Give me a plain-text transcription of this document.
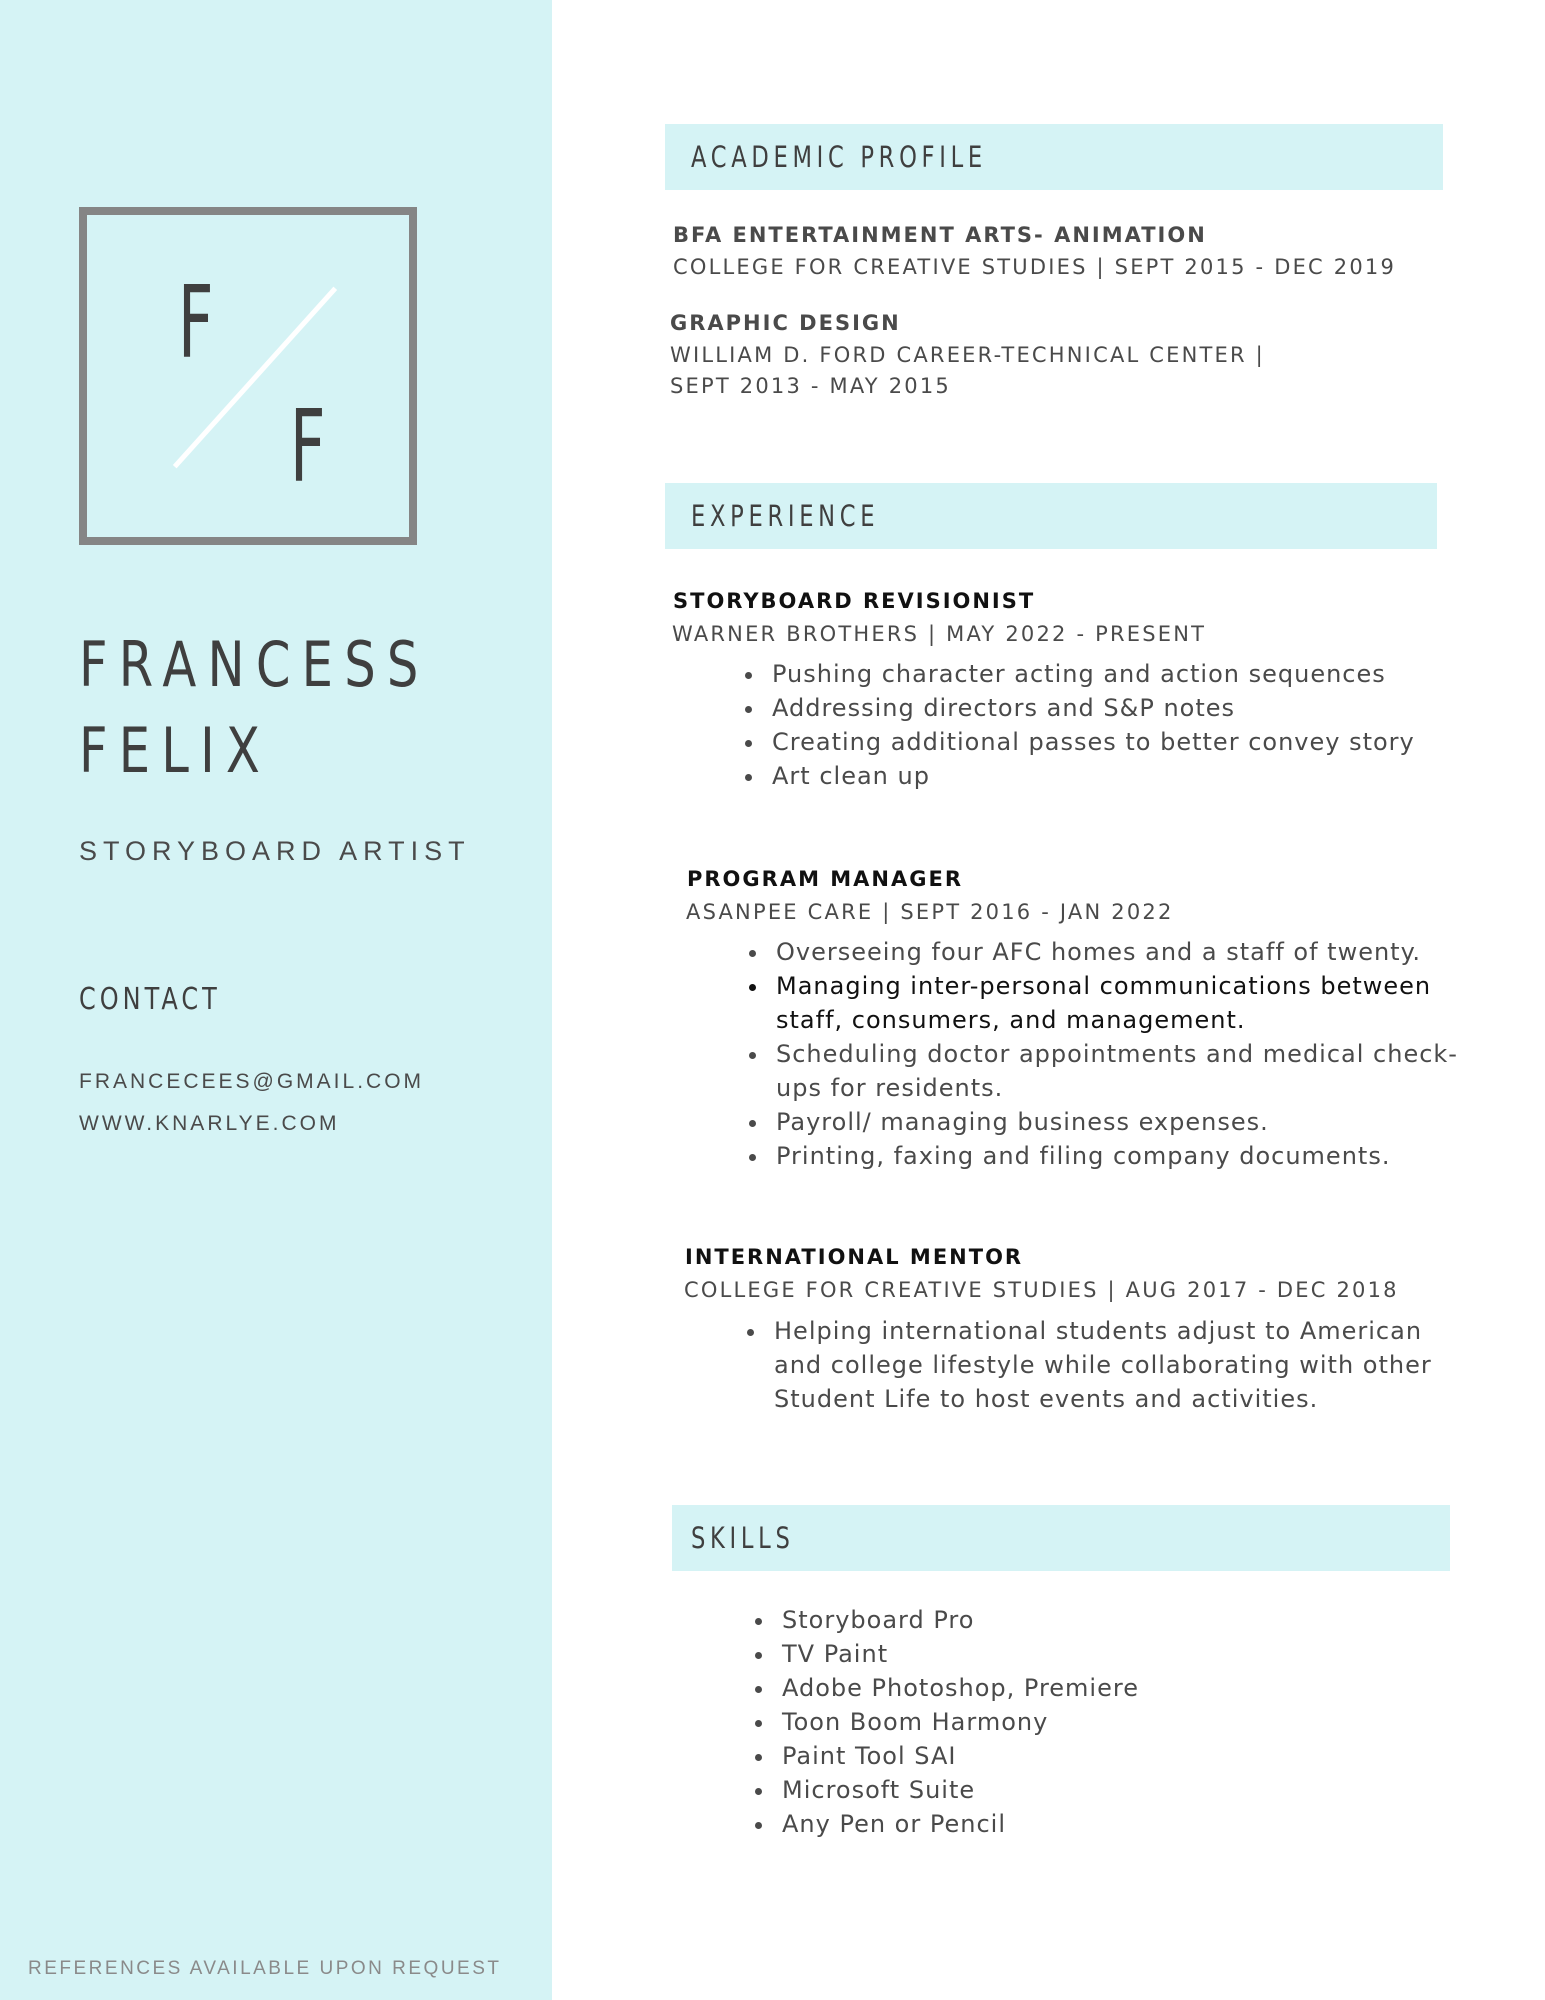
F
F
FRANCESS
FELIX
STORYBOARD ARTIST
CONTACT
FRANCECEES@GMAIL.COM
WWW.KNARLYE.COM
REFERENCES AVAILABLE UPON REQUEST
ACADEMIC PROFILE
BFA ENTERTAINMENT ARTS- ANIMATION
COLLEGE FOR CREATIVE STUDIES | SEPT 2015 - DEC 2019
GRAPHIC DESIGN
WILLIAM D. FORD CAREER-TECHNICAL CENTER |
SEPT 2013 - MAY 2015
EXPERIENCE
STORYBOARD REVISIONIST
WARNER BROTHERS | MAY 2022 - PRESENT
• Pushing character acting and action sequences
• Addressing directors and S&P notes
• Creating additional passes to better convey story
• Art clean up
PROGRAM MANAGER
ASANPEE CARE | SEPT 2016 - JAN 2022
• Overseeing four AFC homes and a staff of twenty.
• Managing inter-personal communications between staff, consumers, and management.
• Scheduling doctor appointments and medical check-ups for residents.
• Payroll/ managing business expenses.
• Printing, faxing and filing company documents.
INTERNATIONAL MENTOR
COLLEGE FOR CREATIVE STUDIES | AUG 2017 - DEC 2018
• Helping international students adjust to American and college lifestyle while collaborating with other Student Life to host events and activities.
SKILLS
• Storyboard Pro
• TV Paint
• Adobe Photoshop, Premiere
• Toon Boom Harmony
• Paint Tool SAI
• Microsoft Suite
• Any Pen or Pencil
